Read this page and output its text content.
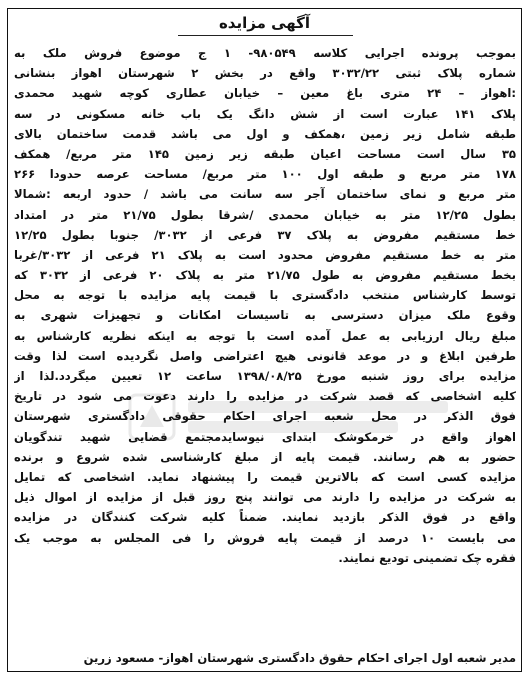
آگهی مزایده
بموجب پرونده اجرایی کلاسه ۹۸۰۵۴۹- ۱ ج موضوع فروش ملک به
شماره پلاک ثبتی ۳۰۳۲/۲۲ واقع در بخش ۲ شهرستان اهواز بنشانی
:اهواز – ۲۴ متری باغ معین – خیابان عطاری کوچه شهید محمدی
پلاک ۱۴۱ عبارت است از شش دانگ یک باب خانه مسکونی در سه
طبقه شامل زیر زمین ،همکف و اول می باشد قدمت ساختمان بالای
۳۵ سال است مساحت اعیان طبقه زیر زمین ۱۴۵ متر مربع/ همکف
۱۷۸ متر مربع و طبقه اول ۱۰۰ متر مربع/ مساحت عرصه حدودا ۲۶۶
متر مربع و نمای ساختمان آجر سه سانت می باشد / حدود اربعه :شمالا
بطول ۱۲/۲۵ متر به خیابان محمدی /شرقا بطول ۲۱/۷۵ متر در امتداد
خط مستقیم مفروض به پلاک ۳۷ فرعی از ۳۰۳۲/ جنوبا بطول ۱۲/۲۵
متر به خط مستقیم مفروض محدود است به پلاک ۲۱ فرعی از ۳۰۳۲/غربا
بخط مستقیم مفروض به طول ۲۱/۷۵ متر به پلاک ۲۰ فرعی از ۳۰۳۲ که
توسط کارشناس منتخب دادگستری با قیمت پایه مزایده با توجه به محل
وقوع ملک میزان دسترسی به تاسیسات امکانات و تجهیزات شهری به
مبلغ ریال ارزیابی به عمل آمده است با توجه به اینکه نظریه کارشناس به
طرفین ابلاغ و در موعد قانونی هیچ اعتراضی واصل نگردیده است لذا وقت
مزایده برای روز شنبه مورخ ۱۳۹۸/۰۸/۲۵ ساعت ۱۲ تعیین میگردد.لذا از
کلیه اشخاصی که قصد شرکت در مزایده را دارند دعوت می شود در تاریخ
فوق الذکر در محل شعبه اجرای احکام حقوقی دادگستری شهرستان
اهواز واقع در خرمکوشک ابتدای نیوسایدمجتمع قضایی شهید تندگویان
حضور به هم رسانند. قیمت پایه از مبلغ کارشناسی شده شروع و برنده
مزایده کسی است که بالاترین قیمت را پیشنهاد نماید. اشخاصی که تمایل
به شرکت در مزایده را دارند می توانند پنج روز قبل از مزایده از اموال ذیل
واقع در فوق الذکر بازدید نمایند. ضمناً کلیه شرکت کنندگان در مزایده
می بایست ۱۰ درصد از قیمت پایه فروش را فی المجلس به موجب یک
فقره چک تضمینی تودیع نمایند.
مدیر شعبه اول اجرای احکام حقوق دادگستری شهرستان اهواز- مسعود زرین
